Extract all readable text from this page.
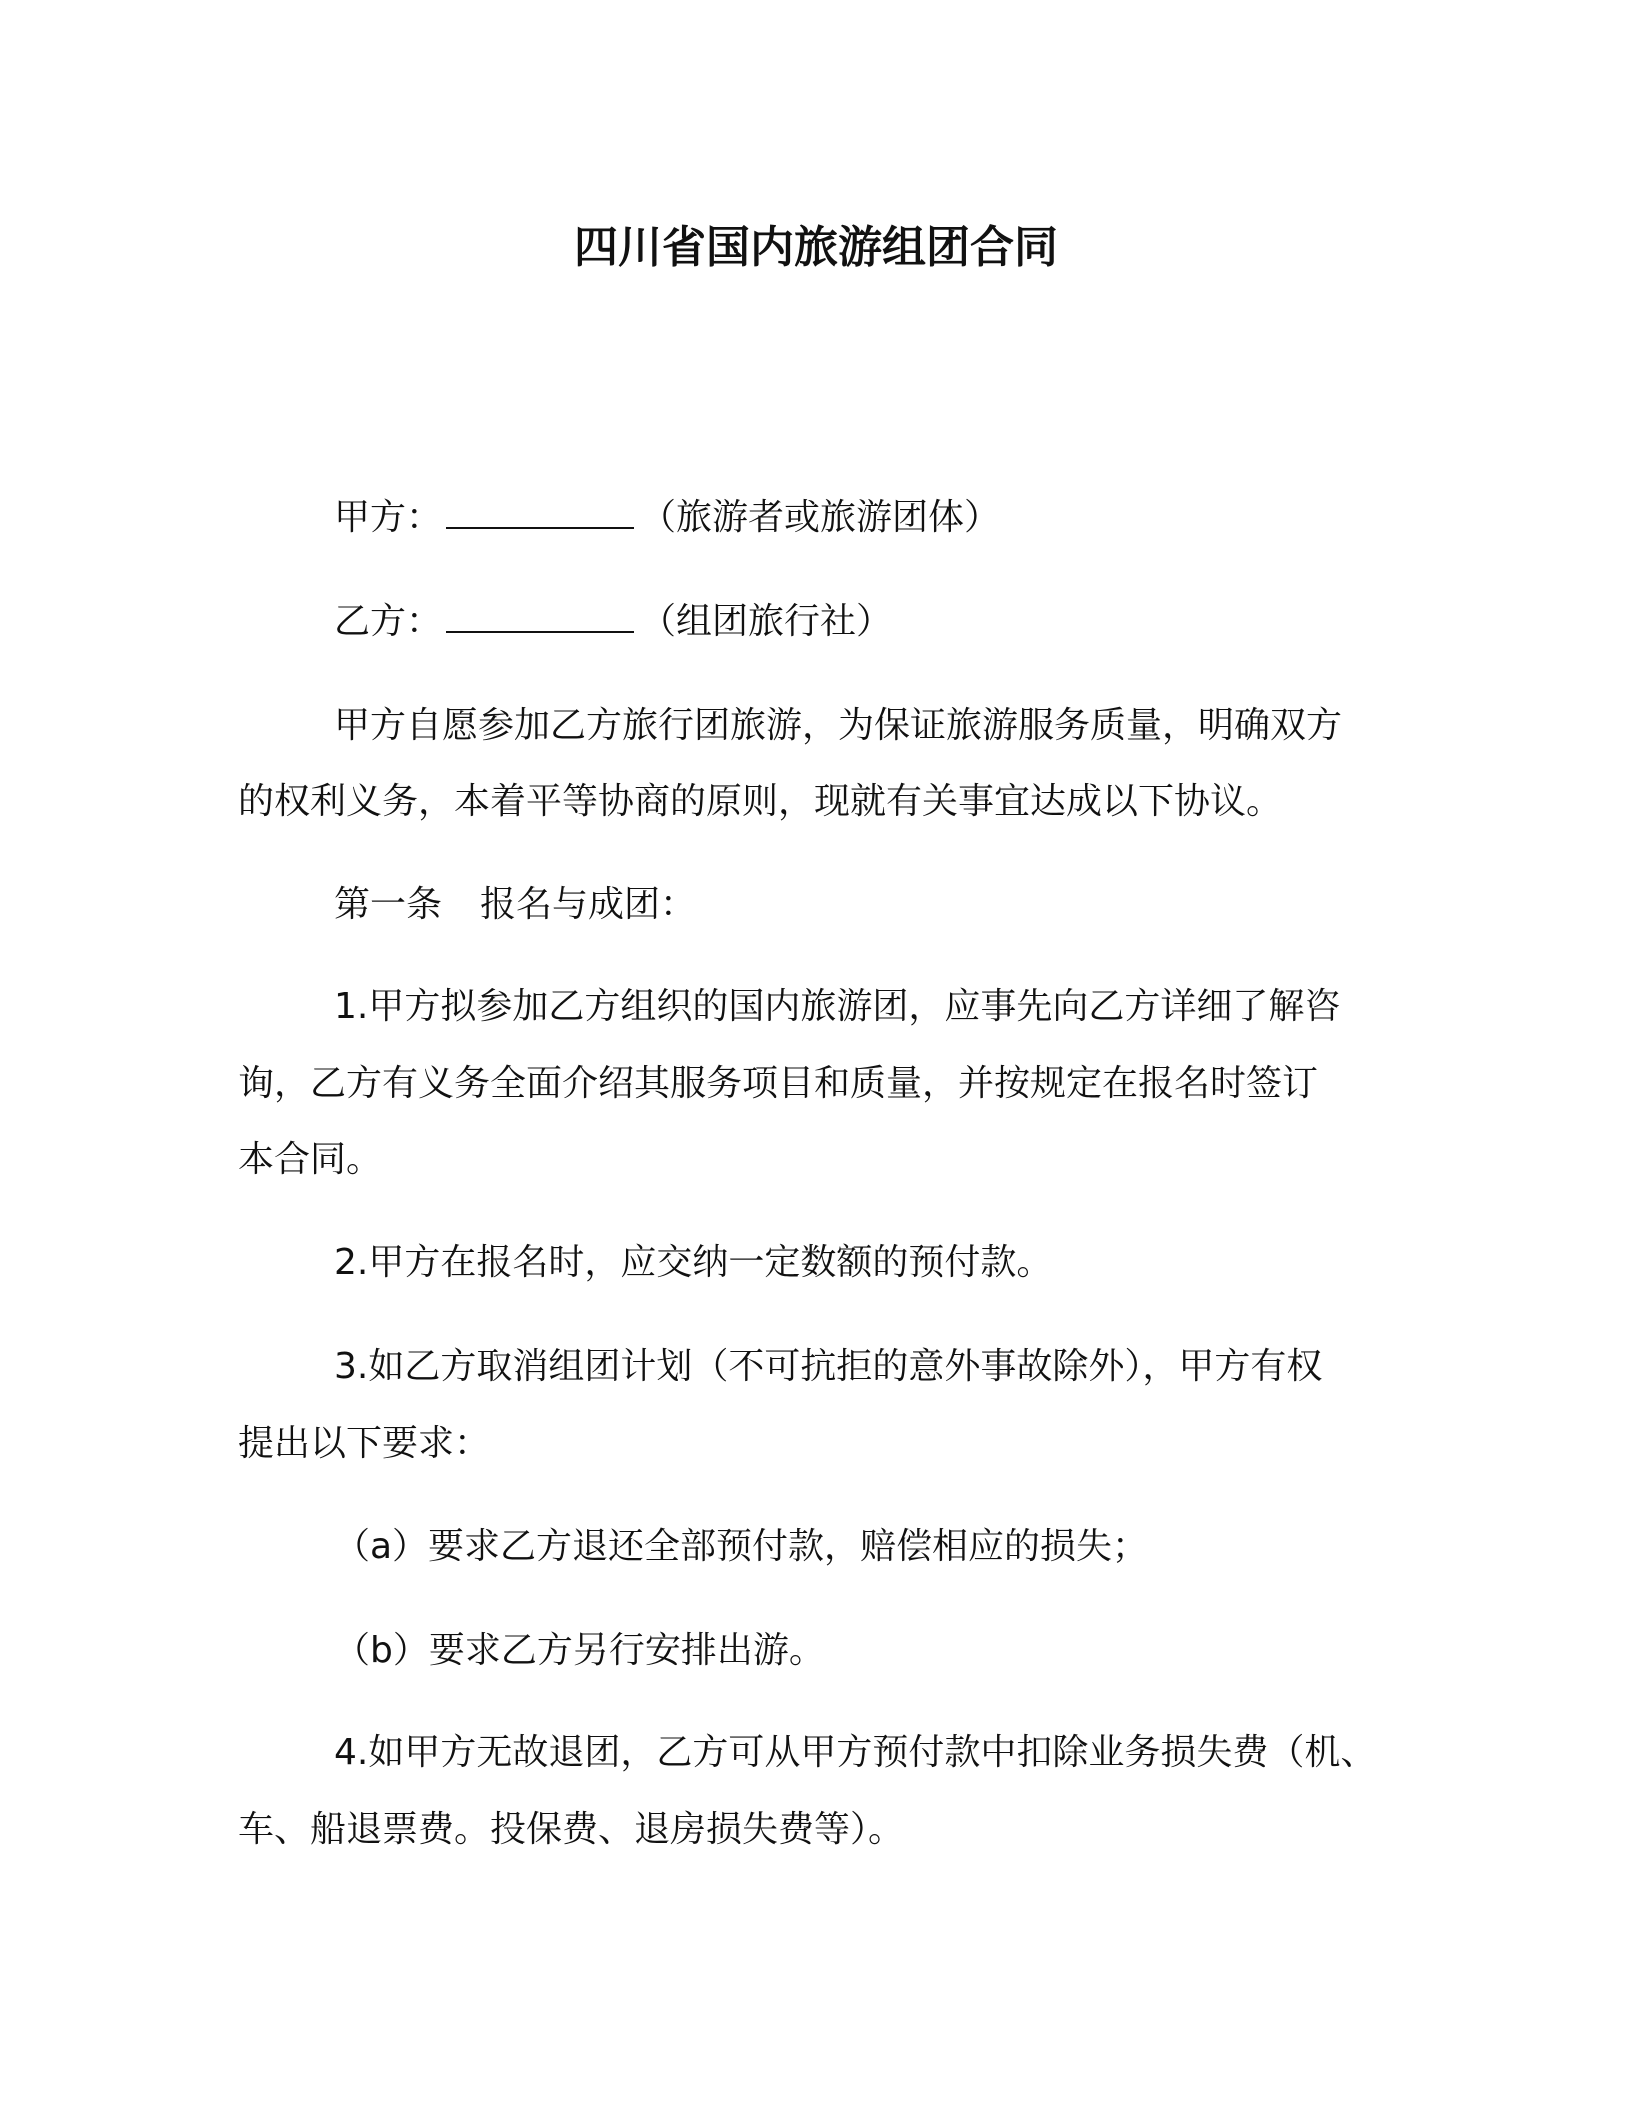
四川省国内旅游组团合同
甲方：	（旅游者或旅游团体）
乙方：	（组团旅行社）
甲方自愿参加乙方旅行团旅游，为保证旅游服务质量，明确双方
的权利义务，本着平等协商的原则，现就有关事宜达成以下协议。
第一条 报名与成团：
1.甲方拟参加乙方组织的国内旅游团，应事先向乙方详细了解咨
询，乙方有义务全面介绍其服务项目和质量，并按规定在报名时签订
本合同。
2.甲方在报名时，应交纳一定数额的预付款。
3.如乙方取消组团计划（不可抗拒的意外事故除外），甲方有权
提出以下要求：
（a）要求乙方退还全部预付款，赔偿相应的损失；
（b）要求乙方另行安排出游。
4.如甲方无故退团，乙方可从甲方预付款中扣除业务损失费（机、
车、船退票费。投保费、退房损失费等）。
